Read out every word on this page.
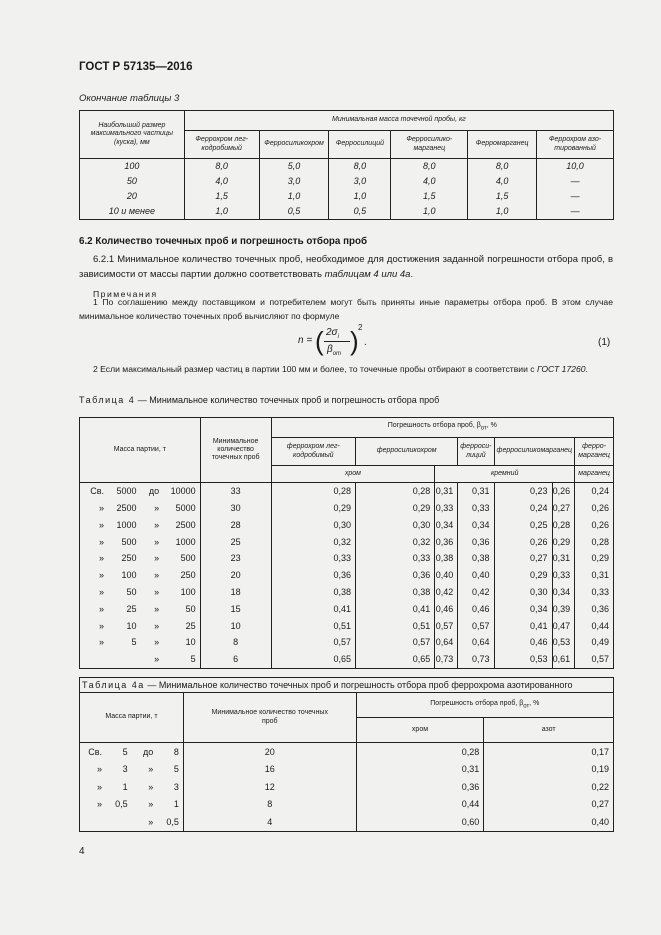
ГОСТ Р 57135—2016
Окончание таблицы 3
Наибольший размер максимального частицы (куска), мм	Минимальная масса точечной пробы, кг					
	Феррохром легкодробимый	Ферросиликохром	Ферросилиций	Ферросиликомарганец	Ферромарганец	Феррохром азотированный
100	8,0	5,0	8,0	8,0	8,0	10,0
50	4,0	3,0	3,0	4,0	4,0	—
20	1,5	1,0	1,0	1,5	1,5	—
10 и менее	1,0	0,5	0,5	1,0	1,0	—
6.2 Количество точечных проб и погрешность отбора проб
6.2.1 Минимальное количество точечных проб, необходимое для достижения заданной погрешности отбора проб, в зависимости от массы партии должно соответствовать таблицам 4 или 4а.
Примечания
1 По соглашению между поставщиком и потребителем могут быть приняты иные параметры отбора проб. В этом случае минимальное количество точечных проб вычисляют по формуле
n = ( $2\sigma_i$
$\beta_{от}$ ) 2
.	(1)
2 Если максимальный размер частиц в партии 100 мм и более, то точечные пробы отбирают в соответствии с ГОСТ 17260.
Таблица 4 — Минимальное количество точечных проб и погрешность отбора проб
Масса партии, т	Минимальное количество точечных проб	Погрешность отбора проб, $\beta_{от}$, %						
		феррохром легкодробимый	ферросиликохром		ферросилиций	ферросиликомарганец		ферромарганец
		хром		кремний				марганец

Св. 5000 до 10000	33	0,28	0,28	0,31	0,31	0,23	0,26	0,24

» 2500 » 5000	30	0,29	0,29	0,33	0,33	0,24	0,27	0,26

» 1000 » 2500	28	0,30	0,30	0,34	0,34	0,25	0,28	0,26

» 500 » 1000	25	0,32	0,32	0,36	0,36	0,26	0,29	0,28

» 250 » 500	23	0,33	0,33	0,38	0,38	0,27	0,31	0,29

» 100 » 250	20	0,36	0,36	0,40	0,40	0,29	0,33	0,31

» 50 » 100	18	0,38	0,38	0,42	0,42	0,30	0,34	0,33

» 25 » 50	15	0,41	0,41	0,46	0,46	0,34	0,39	0,36

» 10 » 25	10	0,51	0,51	0,57	0,57	0,41	0,47	0,44

» 5 » 10	8	0,57	0,57	0,64	0,64	0,46	0,53	0,49

» 5	6	0,65	0,65	0,73	0,73	0,53	0,61	0,57
Таблица 4а — Минимальное количество точечных проб и погрешность отбора проб феррохрома азотированного			
Масса партии, т	Минимальное количество точечных проб	Погрешность отбора проб, $\beta_{от}$, %	
		хром	азот

Св. 5 до 8	20	0,28	0,17

» 3 » 5	16	0,31	0,19

» 1 » 3	12	0,36	0,22

» 0,5 » 1	8	0,44	0,27

» 0,5	4	0,60	0,40
4
